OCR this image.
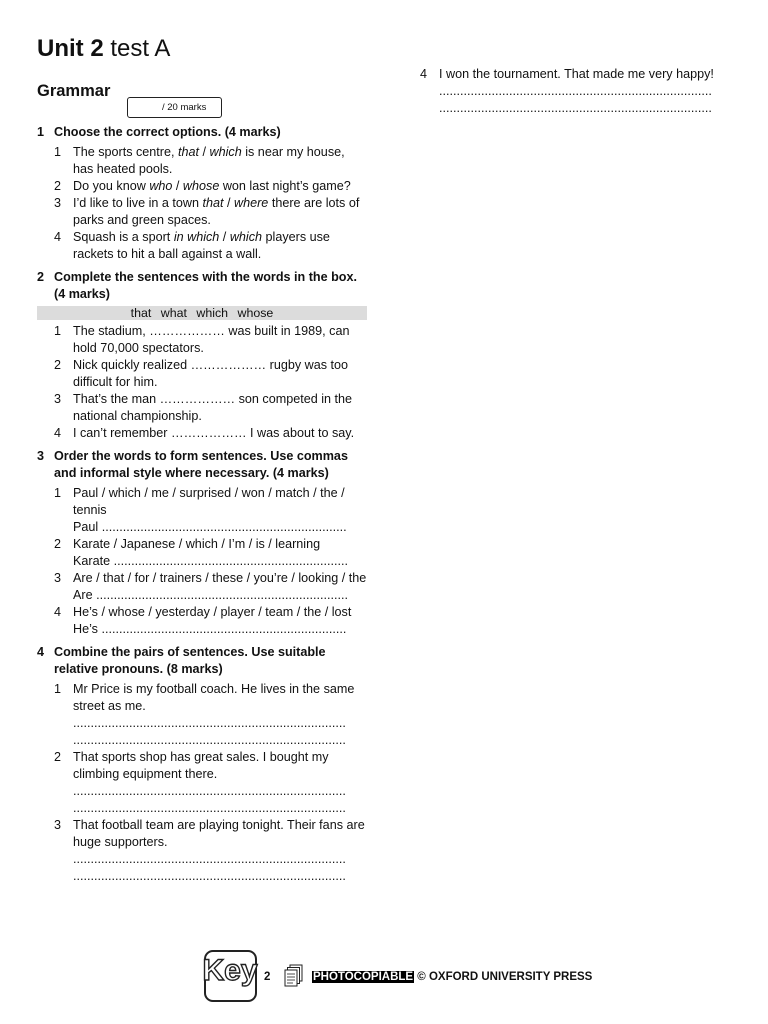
Unit 2 test A
Grammar
/ 20 marks
1 Choose the correct options. (4 marks)
1 The sports centre, that / which is near my house, has heated pools.
2 Do you know who / whose won last night’s game?
3 I’d like to live in a town that / where there are lots of parks and green spaces.
4 Squash is a sport in which / which players use rackets to hit a ball against a wall.
2 Complete the sentences with the words in the box. (4 marks)
that what which whose
1 The stadium, ……………… was built in 1989, can hold 70,000 spectators.
2 Nick quickly realized ……………… rugby was too difficult for him.
3 That’s the man ……………… son competed in the national championship.
4 I can’t remember ……………… I was about to say.
3 Order the words to form sentences. Use commas and informal style where necessary. (4 marks)
1 Paul / which / me / surprised / won / match / the / tennis
Paul ......................................................................
2 Karate / Japanese / which / I’m / is / learning
Karate ...................................................................
3 Are / that / for / trainers / these / you’re / looking / the
Are ........................................................................
4 He’s / whose / yesterday / player / team / the / lost
He’s ......................................................................
4 Combine the pairs of sentences. Use suitable relative pronouns. (8 marks)
1 Mr Price is my football coach. He lives in the same street as me.
..............................................................................
..............................................................................
2 That sports shop has great sales. I bought my climbing equipment there.
..............................................................................
..............................................................................
3 That football team are playing tonight. Their fans are huge supporters.
..............................................................................
..............................................................................
4 I won the tournament. That made me very happy!
..............................................................................
..............................................................................
Key 2	PHOTOCOPIABLE © OXFORD UNIVERSITY PRESS
